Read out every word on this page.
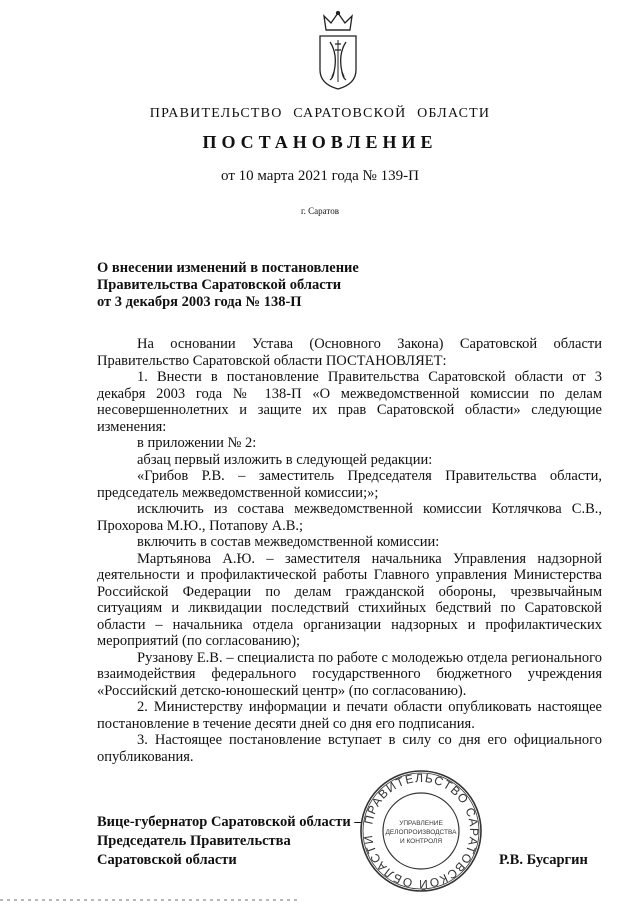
ПРАВИТЕЛЬСТВО САРАТОВСКОЙ ОБЛАСТИ
ПОСТАНОВЛЕНИЕ
от 10 марта 2021 года № 139-П
г. Саратов
О внесении изменений в постановление
Правительства Саратовской области
от 3 декабря 2003 года № 138-П

На основании Устава (Основного Закона) Саратовской области Правительство Саратовской области ПОСТАНОВЛЯЕТ:

1. Внести в постановление Правительства Саратовской области от 3 декабря 2003 года № 138-П «О межведомственной комиссии по делам несовершеннолетних и защите их прав Саратовской области» следующие изменения:

в приложении № 2:

абзац первый изложить в следующей редакции:

«Грибов Р.В. – заместитель Председателя Правительства области, председатель межведомственной комиссии;»;

исключить из состава межведомственной комиссии Котлячкова С.В., Прохорова М.Ю., Потапову А.В.;

включить в состав межведомственной комиссии:

Мартьянова А.Ю. – заместителя начальника Управления надзорной деятельности и профилактической работы Главного управления Министерства Российской Федерации по делам гражданской обороны, чрезвычайным ситуациям и ликвидации последствий стихийных бедствий по Саратовской области – начальника отдела организации надзорных и профилактических мероприятий (по согласованию);

Рузанову Е.В. – специалиста по работе с молодежью отдела регионального взаимодействия федерального государственного бюджетного учреждения «Российский детско-юношеский центр» (по согласованию).

2. Министерству информации и печати области опубликовать настоящее постановление в течение десяти дней со дня его подписания.

3. Настоящее постановление вступает в силу со дня его официального опубликования.

Вице-губернатор Саратовской области –
Председатель Правительства
Саратовской области	Р.В. Бусаргин
ПРАВИТЕЛЬСТВО САРАТОВСКОЙ ОБЛАСТИ
УПРАВЛЕНИЕ
ДЕЛОПРОИЗВОДСТВА
И КОНТРОЛЯ
